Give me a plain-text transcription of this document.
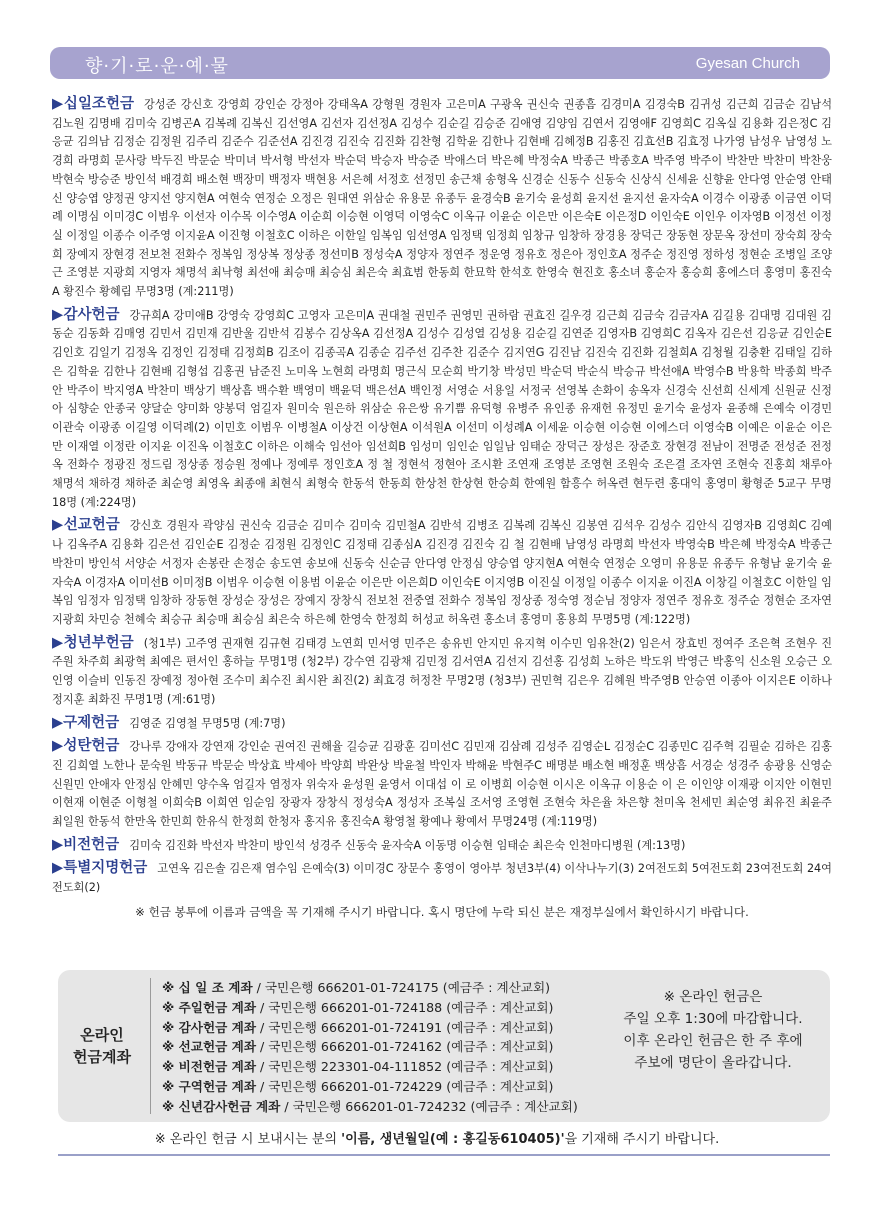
향·기·로·운·예·물	Gyesan Church

▶십일조헌금 강성준 강신호 강영희 강인순 강정아 강태옥A 강형원 경원자 고은미A 구광옥 권신숙 권종흠 김경미A 김경숙B 김귀성 김근희 김금순 김남석 김노원 김명배 김미숙 김병곤A 김복례 김복신 김선영A 김선자 김선정A 김성수 김순길 김승준 김애영 김양임 김연서 김영애F 김영희C 김옥실 김용화 김은정C 김응균 김의남 김정순 김정원 김주리 김준수 김준선A 김진경 김진숙 김진화 김찬형 김학윤 김한나 김현배 김혜정B 김홍진 김효선B 김효정 나가영 남성우 남영성 노경희 라명희 문사랑 박두진 박문순 박미녀 박서형 박선자 박순덕 박승자 박승준 박애스더 박은혜 박정숙A 박종근 박종호A 박주영 박주이 박찬만 박찬미 박찬웅 박현숙 방승준 방인석 배경희 배소현 백장미 백정자 백현용 서은혜 서정호 선정민 송근채 송형옥 신경순 신동수 신동숙 신상식 신세윤 신향윤 안다영 안순영 안태신 양승엽 양정권 양지선 양지현A 여현숙 연정순 오정은 원대연 위삼순 유용문 유종두 윤경숙B 윤기숙 윤성희 윤지선 윤지선 윤자숙A 이경수 이광종 이금연 이덕례 이명심 이미경C 이범우 이선자 이수목 이수영A 이순희 이승현 이영덕 이영숙C 이옥규 이윤순 이은만 이은숙E 이은정D 이인숙E 이인우 이자영B 이정선 이정실 이정일 이종수 이주영 이지윤A 이진형 이철호C 이하은 이한일 임복임 임선영A 임정택 임정희 임창규 임창하 장경용 장덕근 장동현 장문옥 장선미 장숙희 장숙희 장예지 장현경 전보천 전화수 정복임 정상복 정상종 정선미B 정성숙A 정양자 정연주 정운영 정유호 정은아 정인호A 정주순 정진영 정하성 정현순 조병일 조양근 조영분 지광희 지영자 채명석 최낙형 최선애 최승매 최승심 최은숙 최효범 한동희 한묘학 한석호 한영숙 현진호 홍소녀 홍순자 홍승희 홍에스더 홍영미 홍진숙A 황진수 황혜림 무명3명 (계:211명)

▶감사헌금 강규희A 강미애B 강영숙 강영희C 고영자 고은미A 권대철 권민주 권영민 권하람 권효진 길우경 김근희 김금숙 김금자A 김길용 김대명 김대원 김동순 김동화 김매영 김민서 김민재 김반울 김반석 김봉수 김상옥A 김선정A 김성수 김성열 김성용 김순길 김연준 김영자B 김영희C 김옥자 김은선 김응균 김인순E 김인호 김일기 김정옥 김정인 김정태 김정희B 김조이 김종곡A 김종순 김주선 김주찬 김준수 김지연G 김진남 김진숙 김진화 김철희A 김청월 김충환 김태일 김하은 김학윤 김한나 김현배 김형섭 김홍권 남준진 노미옥 노현희 라명희 명근식 모순희 박기창 박성민 박순덕 박순식 박승규 박선애A 박영수B 박용학 박종희 박주안 박주이 박지영A 박찬미 백상기 백상흠 백수환 백영미 백윤덕 백은선A 백인정 서영순 서용일 서정국 선영복 손화이 송옥자 신경숙 신선희 신세계 신원균 신정아 심향순 안종국 양달순 양미화 양봉덕 엄길자 원미숙 원은하 위삼순 유은쌍 유기쁨 유덕형 유병주 유인종 유재헌 유정민 윤기숙 윤성자 윤종해 은예숙 이경민 이관숙 이광종 이길영 이덕례(2) 이민호 이범우 이병철A 이상건 이상현A 이석원A 이선미 이성례A 이세윤 이승현 이승현 이에스더 이영숙B 이예은 이윤순 이은만 이재열 이정란 이지윤 이진옥 이철호C 이하은 이해숙 임선아 임선희B 임성미 임인순 임일남 임태순 장덕근 장성은 장준호 장현경 전남이 전명준 전성준 전정옥 전화수 정광진 정드림 정상종 정승원 정예나 정예루 정인호A 정 철 정현석 정현아 조시환 조연재 조영분 조영현 조원숙 조은결 조자연 조현숙 진홍희 채루아 채명석 채하경 채하준 최순영 최영옥 최종애 최현식 최형숙 한동석 한동희 한상천 한상현 한승희 한예원 함흥수 허옥련 현두련 홍대익 홍영미 황형준 5교구 무명18명 (계:224명)

▶선교헌금 강신호 경원자 곽양심 권신숙 김금순 김미수 김미숙 김민철A 김반석 김병조 김복례 김복신 김봉연 김석우 김성수 김안식 김영자B 김영희C 김예나 김옥주A 김용화 김은선 김인순E 김정순 김정원 김정인C 김정태 김종심A 김진경 김진숙 김 철 김현배 남영성 라명희 박선자 박영숙B 박은혜 박정숙A 박종근 박찬미 방인석 서양순 서정자 손봉란 손정순 송도연 송보애 신동숙 신순금 안다영 안정심 양승엽 양지현A 여현숙 연정순 오영미 유용문 유종두 유형남 윤기숙 윤자숙A 이경자A 이미선B 이미정B 이범우 이승현 이용범 이윤순 이은만 이은희D 이인숙E 이지영B 이진실 이정일 이종수 이지윤 이진A 이창길 이철호C 이한일 임복임 임정자 임정택 임창하 장동현 장성순 장성은 장예지 장창식 전보천 전중열 전화수 정복임 정상종 정숙영 정순님 정양자 정연주 정유호 정주순 정현순 조자연 지광희 차민승 천혜숙 최승규 최승매 최승심 최은숙 하은혜 한영숙 한정희 허성교 허옥련 홍소녀 홍영미 홍용희 무명5명 (계:122명)

▶청년부헌금 (청1부) 고주영 권재현 김규현 김태경 노연희 민서영 민주은 송유빈 안지민 유지혁 이수민 임유찬(2) 임은서 장효빈 정여주 조은혁 조현우 진주원 차주희 최광혁 최예은 편서인 홍하늘 무명1명 (청2부) 강수연 김광채 김민정 김서연A 김선지 김선홍 김성희 노하은 박도위 박영근 박홍익 신소원 오승근 오인영 이슬비 인동진 장예정 정아현 조수미 최수진 최시완 최진(2) 최효경 허정찬 무명2명 (청3부) 권민혁 김은우 김혜원 박주영B 안승연 이종아 이지은E 이하나 정지훈 최화진 무명1명 (계:61명)

▶구제헌금 김영준 김영철 무명5명 (계:7명)

▶성탄헌금 강나루 강애자 강연재 강인순 권여진 권해율 길승균 김광훈 김미선C 김민재 김삼례 김성주 김영순L 김정순C 김종민C 김주혁 김필순 김하은 김홍진 김희열 노한나 문숙원 박동규 박문순 박상효 박세아 박양희 박완상 박윤철 박인자 박해윤 박현주C 배명분 배소현 배정훈 백상흠 서경순 성경주 송광용 신영순 신원민 안애자 안정심 안혜민 양수옥 엄길자 염정자 위숙자 윤성원 윤영서 이대섭 이 로 이병희 이승현 이시온 이옥규 이용순 이 은 이인양 이재광 이지안 이현민 이현재 이현준 이형철 이희숙B 이희연 임순임 장광자 장창식 정성숙A 정성자 조복실 조서영 조영현 조현숙 차은율 차은향 천미옥 천세민 최순영 최유진 최윤주 최일원 한동석 한만옥 한민희 한유식 한정희 한청자 홍지유 홍진숙A 황영철 황예나 황예서 무명24명 (계:119명)

▶비전헌금 김미숙 김진화 박선자 박찬미 방인석 성경주 신동숙 윤자숙A 이동명 이승현 임태순 최은숙 인천마디병원 (계:13명)

▶특별지명헌금 고연옥 김은솔 김은재 염수임 은예숙(3) 이미경C 장문수 홍영이 영아부 청년3부(4) 이삭나누기(3) 2여전도회 5여전도회 23여전도회 24여전도회(2)

※ 헌금 봉투에 이름과 금액을 꼭 기재해 주시기 바랍니다. 혹시 명단에 누락 되신 분은 재정부실에서 확인하시기 바랍니다.
온라인
헌금계좌
※ 십 일 조 계좌 / 국민은행 666201-01-724175 (예금주 : 계산교회)
※ 주일헌금 계좌 / 국민은행 666201-01-724188 (예금주 : 계산교회)
※ 감사헌금 계좌 / 국민은행 666201-01-724191 (예금주 : 계산교회)
※ 선교헌금 계좌 / 국민은행 666201-01-724162 (예금주 : 계산교회)
※ 비전헌금 계좌 / 국민은행 223301-04-111852 (예금주 : 계산교회)
※ 구역헌금 계좌 / 국민은행 666201-01-724229 (예금주 : 계산교회)
※ 신년감사헌금 계좌 / 국민은행 666201-01-724232 (예금주 : 계산교회)
※ 온라인 헌금은
주일 오후 1:30에 마감합니다.
이후 온라인 헌금은 한 주 후에
주보에 명단이 올라갑니다.
※ 온라인 헌금 시 보내시는 분의 '이름, 생년월일(예 : 홍길동610405)'을 기재해 주시기 바랍니다.
